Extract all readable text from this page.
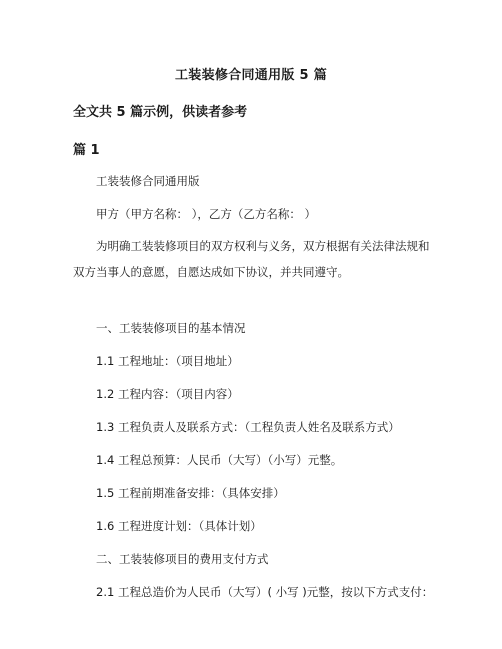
工装装修合同通用版 5 篇
全文共 5 篇示例，供读者参考
篇 1
工装装修合同通用版
甲方（甲方名称： ），乙方（乙方名称： ）
为明确工装装修项目的双方权利与义务，双方根据有关法律法规和双方当事人的意愿，自愿达成如下协议，并共同遵守。
一、工装装修项目的基本情况
1.1 工程地址：（项目地址）
1.2 工程内容：（项目内容）
1.3 工程负责人及联系方式：（工程负责人姓名及联系方式）
1.4 工程总预算：人民币（大写）（小写）元整。
1.5 工程前期准备安排：（具体安排）
1.6 工程进度计划：（具体计划）
二、工装装修项目的费用支付方式
2.1 工程总造价为人民币（大写）( 小写 )元整，按以下方式支付：
